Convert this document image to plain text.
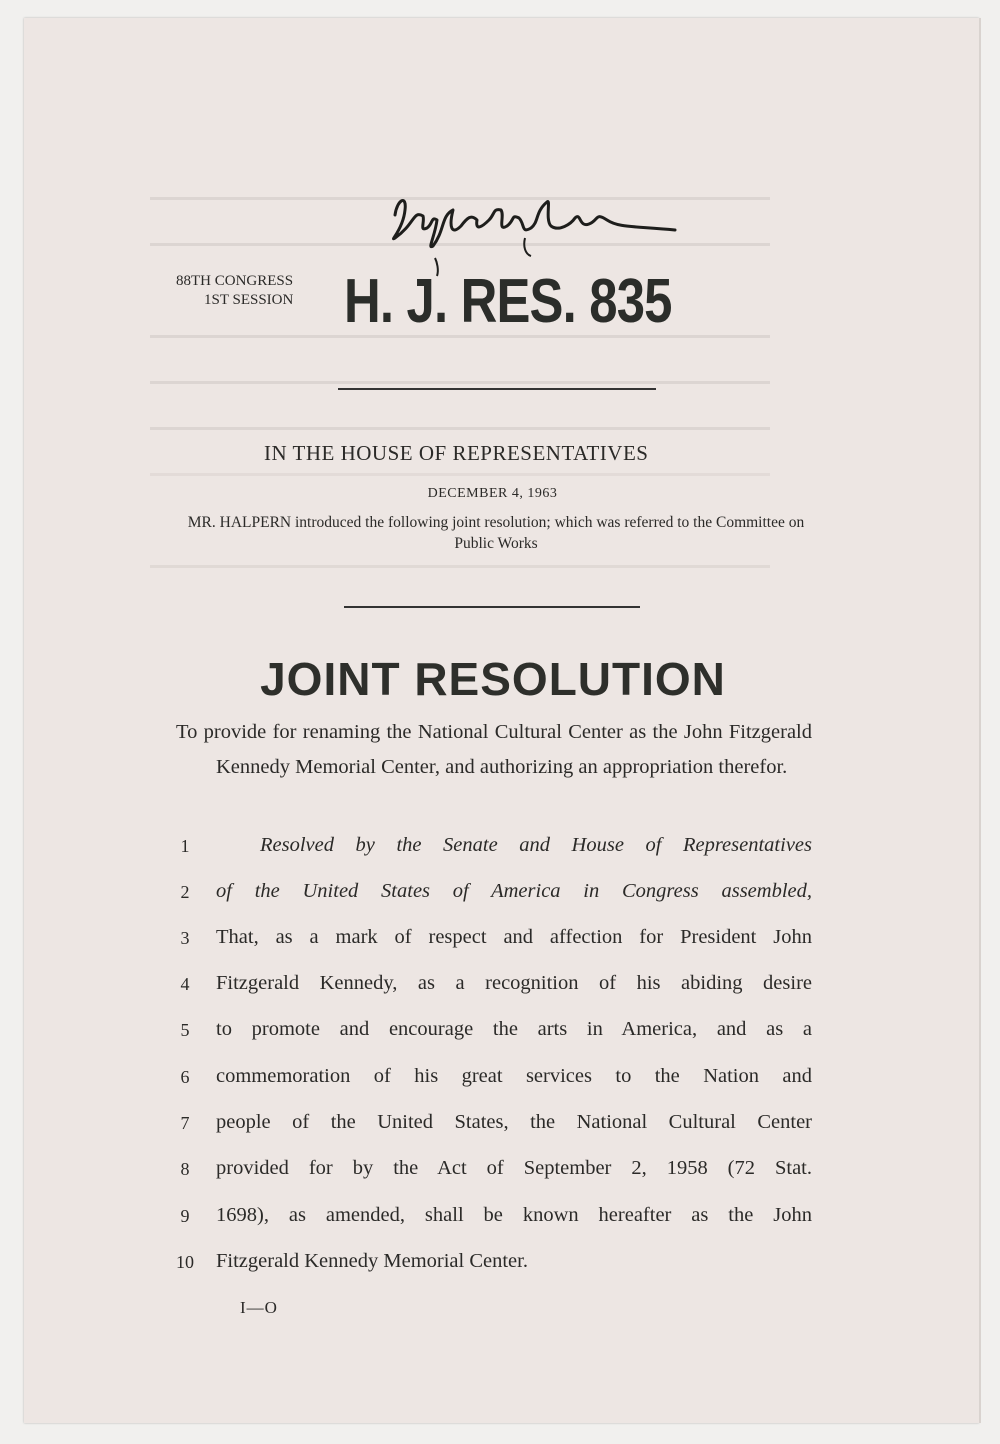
88TH CONGRESS
1ST SESSION H. J. RES. 835
IN THE HOUSE OF REPRESENTATIVES
DECEMBER 4, 1963
MR. HALPERN introduced the following joint resolution; which was referred to the Committee on Public Works
JOINT RESOLUTION
To provide for renaming the National Cultural Center as the John Fitzgerald Kennedy Memorial Center, and authorizing an appropriation therefor.
1	Resolved by the Senate and House of Representatives
2	of the United States of America in Congress assembled,
3	That, as a mark of respect and affection for President John
4	Fitzgerald Kennedy, as a recognition of his abiding desire
5	to promote and encourage the arts in America, and as a
6	commemoration of his great services to the Nation and
7	people of the United States, the National Cultural Center
8	provided for by the Act of September 2, 1958 (72 Stat.
9	1698), as amended, shall be known hereafter as the John
10 Fitzgerald Kennedy Memorial Center.
I—O
